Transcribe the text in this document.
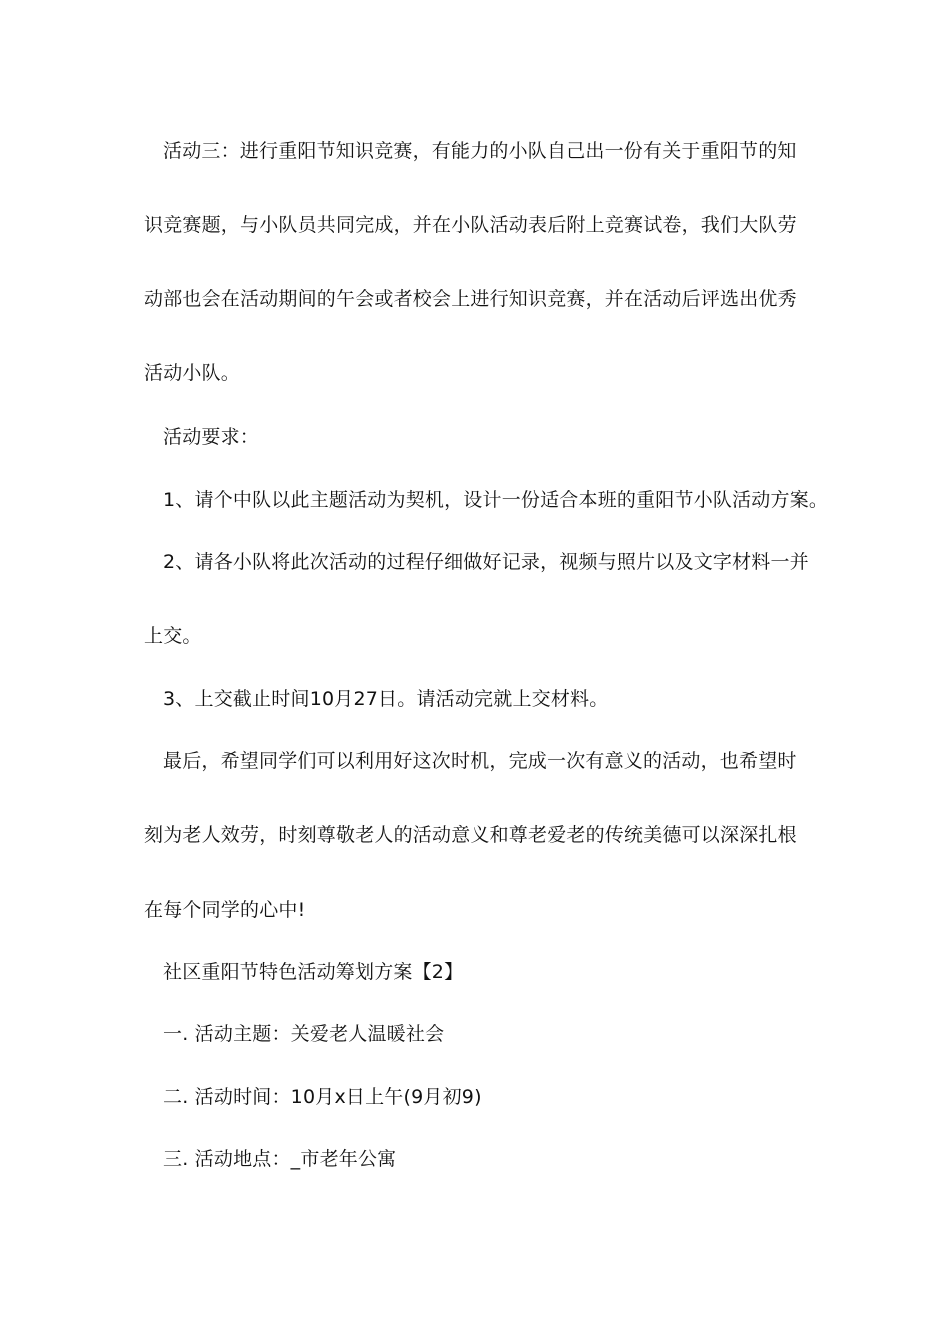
活动三：进行重阳节知识竞赛，有能力的小队自己出一份有关于重阳节的知
识竞赛题，与小队员共同完成，并在小队活动表后附上竞赛试卷，我们大队劳
动部也会在活动期间的午会或者校会上进行知识竞赛，并在活动后评选出优秀
活动小队。
活动要求：
1、请个中队以此主题活动为契机，设计一份适合本班的重阳节小队活动方案。
2、请各小队将此次活动的过程仔细做好记录，视频与照片以及文字材料一并
上交。
3、上交截止时间10月27日。请活动完就上交材料。
最后，希望同学们可以利用好这次时机，完成一次有意义的活动，也希望时
刻为老人效劳，时刻尊敬老人的活动意义和尊老爱老的传统美德可以深深扎根
在每个同学的心中!
社区重阳节特色活动筹划方案【2】
一. 活动主题：关爱老人温暖社会
二. 活动时间：10月x日上午(9月初9)
三. 活动地点：_市老年公寓
